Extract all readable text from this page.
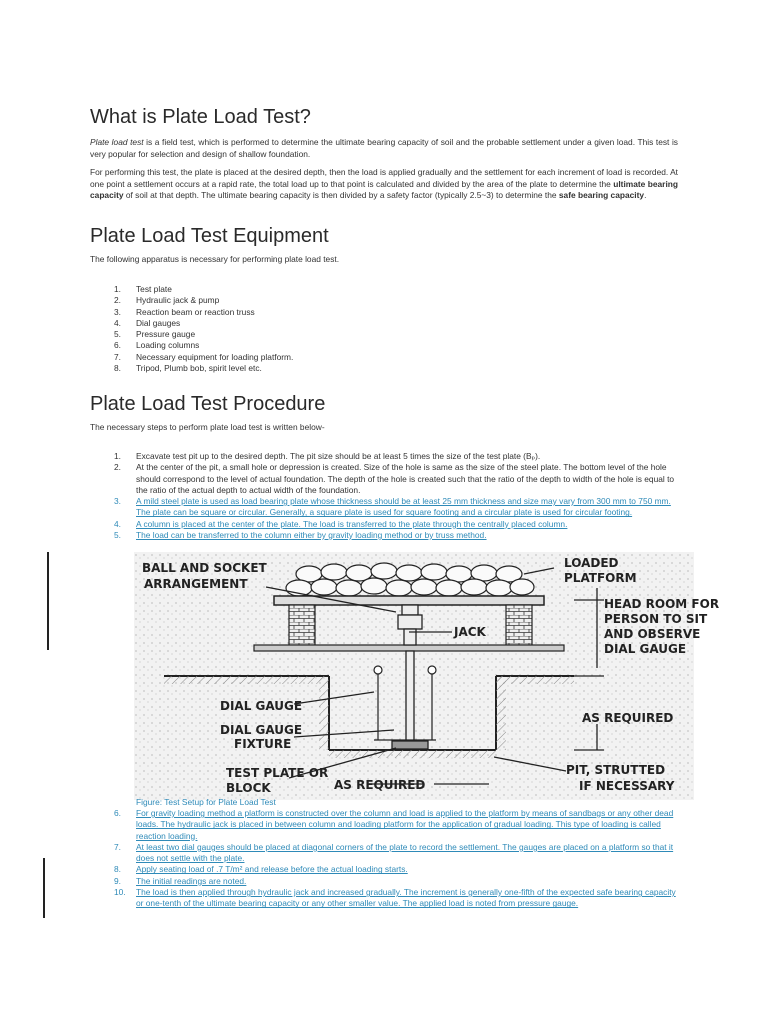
What is Plate Load Test?

Plate load test is a field test, which is performed to determine the ultimate bearing capacity of soil and the probable settlement under a given load. This test is very popular for selection and design of shallow foundation.

For performing this test, the plate is placed at the desired depth, then the load is applied gradually and the settlement for each increment of load is recorded. At one point a settlement occurs at a rapid rate, the total load up to that point is calculated and divided by the area of the plate to determine the ultimate bearing capacity of soil at that depth. The ultimate bearing capacity is then divided by a safety factor (typically 2.5~3) to determine the safe bearing capacity.

Plate Load Test Equipment

The following apparatus is necessary for performing plate load test.

1. Test plate
2. Hydraulic jack & pump
3. Reaction beam or reaction truss
4. Dial gauges
5. Pressure gauge
6. Loading columns
7. Necessary equipment for loading platform.
8. Tripod, Plumb bob, spirit level etc.
Plate Load Test Procedure

The necessary steps to perform plate load test is written below-

1. Excavate test pit up to the desired depth. The pit size should be at least 5 times the size of the test plate (Bₚ).
2. At the center of the pit, a small hole or depression is created. Size of the hole is same as the size of the steel plate. The bottom level of the hole should correspond to the level of actual foundation. The depth of the hole is created such that the ratio of the depth to width of the hole is equal to the ratio of the actual depth to actual width of the foundation.
3. A mild steel plate is used as load bearing plate whose thickness should be at least 25 mm thickness and size may vary from 300 mm to 750 mm. The plate can be square or circular. Generally, a square plate is used for square footing and a circular plate is used for circular footing.
4. A column is placed at the center of the plate. The load is transferred to the plate through the centrally placed column.
5. The load can be transferred to the column either by gravity loading method or by truss method.
BALL AND SOCKET
ARRANGEMENT
LOADED
PLATFORM
HEAD ROOM FOR
PERSON TO SIT
AND OBSERVE
DIAL GAUGE
JACK
DIAL GAUGE
DIAL GAUGE
FIXTURE
AS REQUIRED
TEST PLATE OR
BLOCK	AS REQUIRED
PIT, STRUTTED
IF NECESSARY
Figure: Test Setup for Plate Load Test
6. For gravity loading method a platform is constructed over the column and load is applied to the platform by means of sandbags or any other dead loads. The hydraulic jack is placed in between column and loading platform for the application of gradual loading. This type of loading is called reaction loading.
7. At least two dial gauges should be placed at diagonal corners of the plate to record the settlement. The gauges are placed on a platform so that it does not settle with the plate.
8. Apply seating load of .7 T/m² and release before the actual loading starts.
9. The initial readings are noted.
10. The load is then applied through hydraulic jack and increased gradually. The increment is generally one-fifth of the expected safe bearing capacity or one-tenth of the ultimate bearing capacity or any other smaller value. The applied load is noted from pressure gauge.
